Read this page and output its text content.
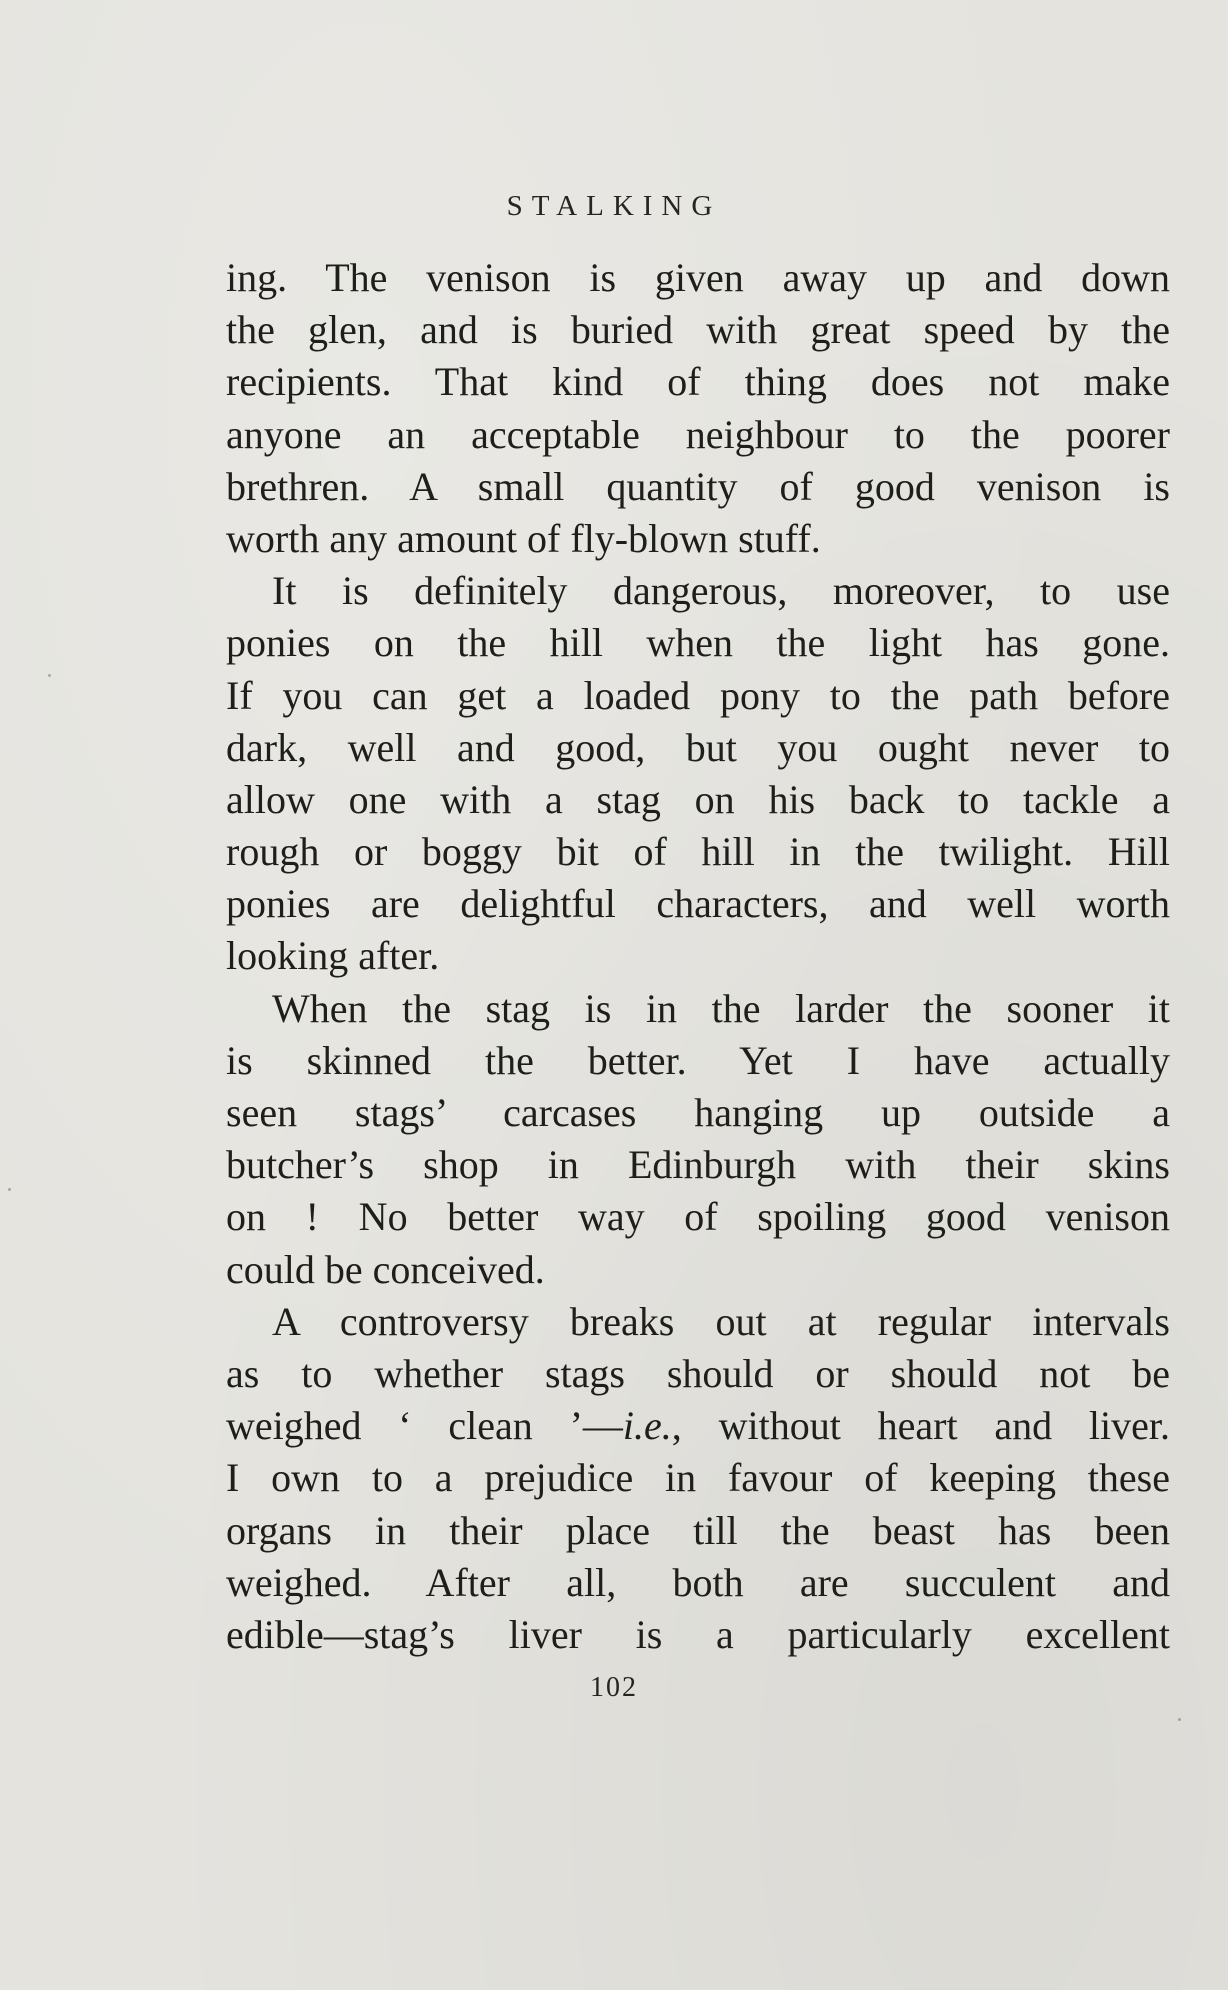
STALKING
ing. The venison is given away up and down
the glen, and is buried with great speed by the
recipients. That kind of thing does not make
anyone an acceptable neighbour to the poorer
brethren. A small quantity of good venison is
worth any amount of fly-blown stuff.
It is definitely dangerous, moreover, to use
ponies on the hill when the light has gone.
If you can get a loaded pony to the path before
dark, well and good, but you ought never to
allow one with a stag on his back to tackle a
rough or boggy bit of hill in the twilight. Hill
ponies are delightful characters, and well worth
looking after.
When the stag is in the larder the sooner it
is skinned the better. Yet I have actually
seen stags’ carcases hanging up outside a
butcher’s shop in Edinburgh with their skins
on ! No better way of spoiling good venison
could be conceived.
A controversy breaks out at regular intervals
as to whether stags should or should not be
weighed ‘ clean ’—i.e., without heart and liver.
I own to a prejudice in favour of keeping these
organs in their place till the beast has been
weighed. After all, both are succulent and
edible—stag’s liver is a particularly excellent
102
